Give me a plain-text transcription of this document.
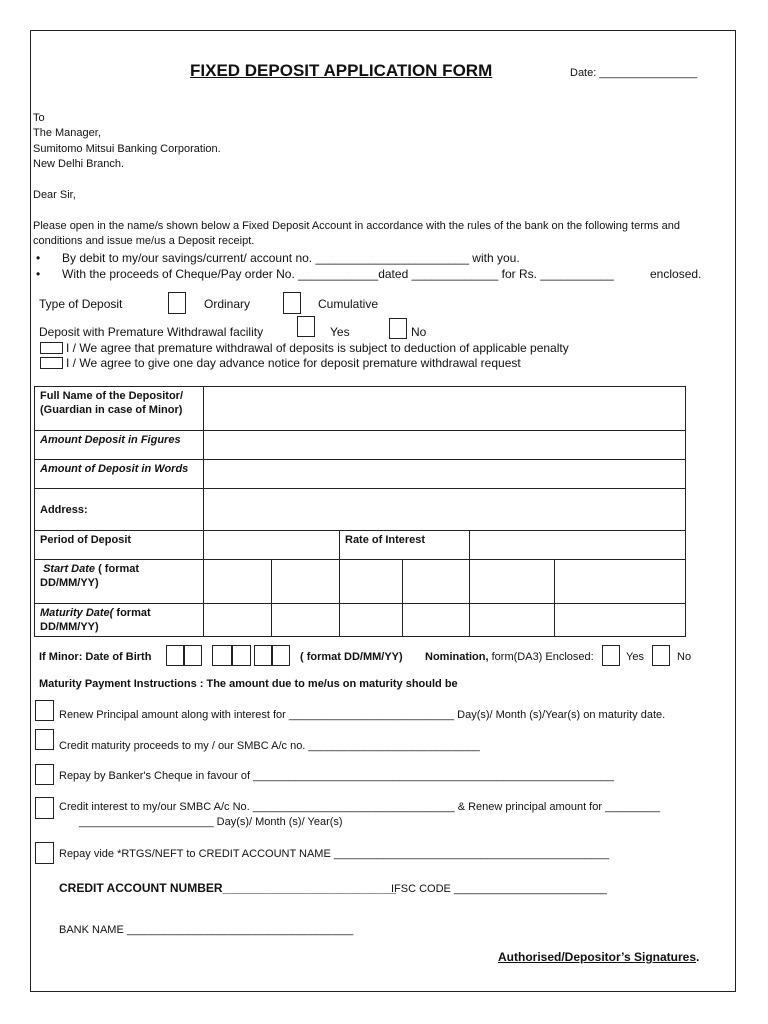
FIXED DEPOSIT APPLICATION FORM	Date: ________________
To
The Manager,
Sumitomo Mitsui Banking Corporation.
New Delhi Branch.
Dear Sir,
Please open in the name/s shown below a Fixed Deposit Account in accordance with the rules of the bank on the following terms and
conditions and issue me/us a Deposit receipt.
• By debit to my/our savings/current/ account no. _______________________ with you.
• With the proceeds of Cheque/Pay order No. ____________dated _____________ for Rs. ___________	enclosed.
Type of Deposit	Ordinary	Cumulative
Deposit with Premature Withdrawal facility	Yes	No
I / We agree that premature withdrawal of deposits is subject to deduction of applicable penalty
I / We agree to give one day advance notice for deposit premature withdrawal request
Full Name of the Depositor/
(Guardian in case of Minor)						

Amount Deposit in Figures						
Amount of Deposit in Words						
Address:						
Period of Deposit			Rate of Interest			

Start Date ( format
DD/MM/YY)						

Maturity Date( format
DD/MM/YY)						

If Minor: Date of Birth	( format DD/MM/YY) Nomination, form(DA3) Enclosed:	Yes	No
Maturity Payment Instructions : The amount due to me/us on maturity should be
Renew Principal amount along with interest for ___________________________ Day(s)/ Month (s)/Year(s) on maturity date.
Credit maturity proceeds to my / our SMBC A/c no. ____________________________
Repay by Banker's Cheque in favour of ___________________________________________________________
Credit interest to my/our SMBC A/c No. _________________________________ & Renew principal amount for _________
______________________ Day(s)/ Month (s)/ Year(s)
Repay vide *RTGS/NEFT to CREDIT ACCOUNT NAME _____________________________________________
CREDIT ACCOUNT NUMBER__________________________
IFSC CODE _________________________
BANK NAME _____________________________________
Authorised/Depositor’s Signatures.
